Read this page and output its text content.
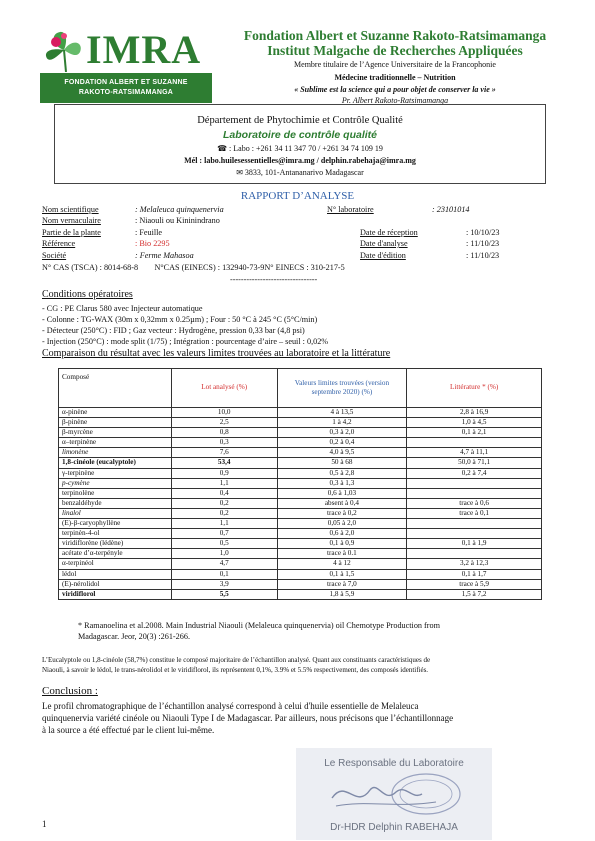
IMRA
FONDATION ALBERT ET SUZANNE
RAKOTO-RATSIMAMANGA
Fondation Albert et Suzanne Rakoto-Ratsimamanga
Institut Malgache de Recherches Appliquées
Membre titulaire de l’Agence Universitaire de la Francophonie
Médecine traditionnelle – Nutrition
« Sublime est la science qui a pour objet de conserver la vie »
Pr. Albert Rakoto-Ratsimamanga
Département de Phytochimie et Contrôle Qualité
Laboratoire de contrôle qualité
☎ : Labo : +261 34 11 347 70 / +261 34 74 109 19
Mél : labo.huilesessentielles@imra.mg / delphin.rabehaja@imra.mg
✉ 3833, 101-Antananarivo Madagascar
RAPPORT D’ANALYSE
Nom scientifique	: Melaleuca quinquenervia	N° laboratoire	: 23101014
Nom vernaculaire	: Niaouli ou Kininindrano
Partie de la plante	: Feuille	Date de réception	: 10/10/23
Référence	: Bio 2295	Date d'analyse	: 11/10/23
Société	: Ferme Mahasoa	Date d'édition	: 11/10/23
N° CAS (TSCA) : 8014-68-8        N°CAS (EINECS) : 132940-73-9N° EINECS : 310-217-5
--------------------------------
Conditions opératoires
- CG : PE Clarus 580 avec Injecteur automatique
- Colonne : TG-WAX (30m x 0,32mm x 0.25µm) ; Four : 50 °C à 245 °C (5°C/min)
- Détecteur (250°C) : FID ; Gaz vecteur : Hydrogène, pression 0,33 bar (4,8 psi)
- Injection (250°C) : mode split (1/75) ; Intégration : pourcentage d’aire – seuil : 0,02%
Comparaison du résultat avec les valeurs limites trouvées au laboratoire et la littérature
Composé	Lot analysé (%)	Valeurs limites trouvées (version septembre 2020) (%)	Littérature * (%)
α-pinène	10,0	4 à 13,5	2,8 à 16,9
β-pinène	2,5	1 à 4,2	1,0 à 4,5
β-myrcène	0,8	0,3 à 2,0	0,1 à 2,1
α–terpinène	0,3	0,2 à 0,4	
limonène	7,6	4,0 à 9,5	4,7 à 11,1
1,8-cinéole (eucalyptole)	53,4	50 à 68	50,0 à 71,1
γ-terpinène	0,9	0,5 à 2,8	0,2 à 7,4
p-cymène	1,1	0,3 à 1,3	
terpinolène	0,4	0,6 à 1,03	
benzaldéhyde	0,2	absent à 0,4	trace à 0,6
linalol	0,2	trace à 0,2	trace à 0,1
(E)-β-caryophyllène	1,1	0,05 à 2,0	
terpinèn-4-ol	0,7	0,6 à 2,0	
viridiflorène (lédène)	0,5	0,1 à 0,9	0,1 à 1,9
acétate d’α-terpényle	1,0	trace à 0.1	
α-terpinéol	4,7	4 à 12	3,2 à 12,3
lédol	0,1	0,1 à 1,5	0,1 à 1,7
(E)-nérolidol	3,9	trace à 7,0	trace à 5,9
viridiflorol	5,5	1,8 à 5,9	1,5 à 7,2
* Ramanoelina et al.2008. Main Industrial Niaouli (Melaleuca quinquenervia) oil Chemotype Production from
Madagascar. Jeor, 20(3) :261-266.
L’Eucalyptole ou 1,8-cinéole (58,7%) constitue le composé majoritaire de l’échantillon analysé. Quant aux constituants caractéristiques de
Niaouli, à savoir le lédol, le trans-nérolidol et le viridiflorol, ils représentent 0,1%, 3.9% et 5.5% respectivement, des composés identifiés.
Conclusion :
Le profil chromatographique de l’échantillon analysé correspond à celui d'huile essentielle de Melaleuca
quinquenervia variété cinéole ou Niaouli Type I de Madagascar. Par ailleurs, nous précisons que l’échantillonnage
à la source a été effectué par le client lui-même.
Le Responsable du Laboratoire
Dr-HDR Delphin RABEHAJA
1
